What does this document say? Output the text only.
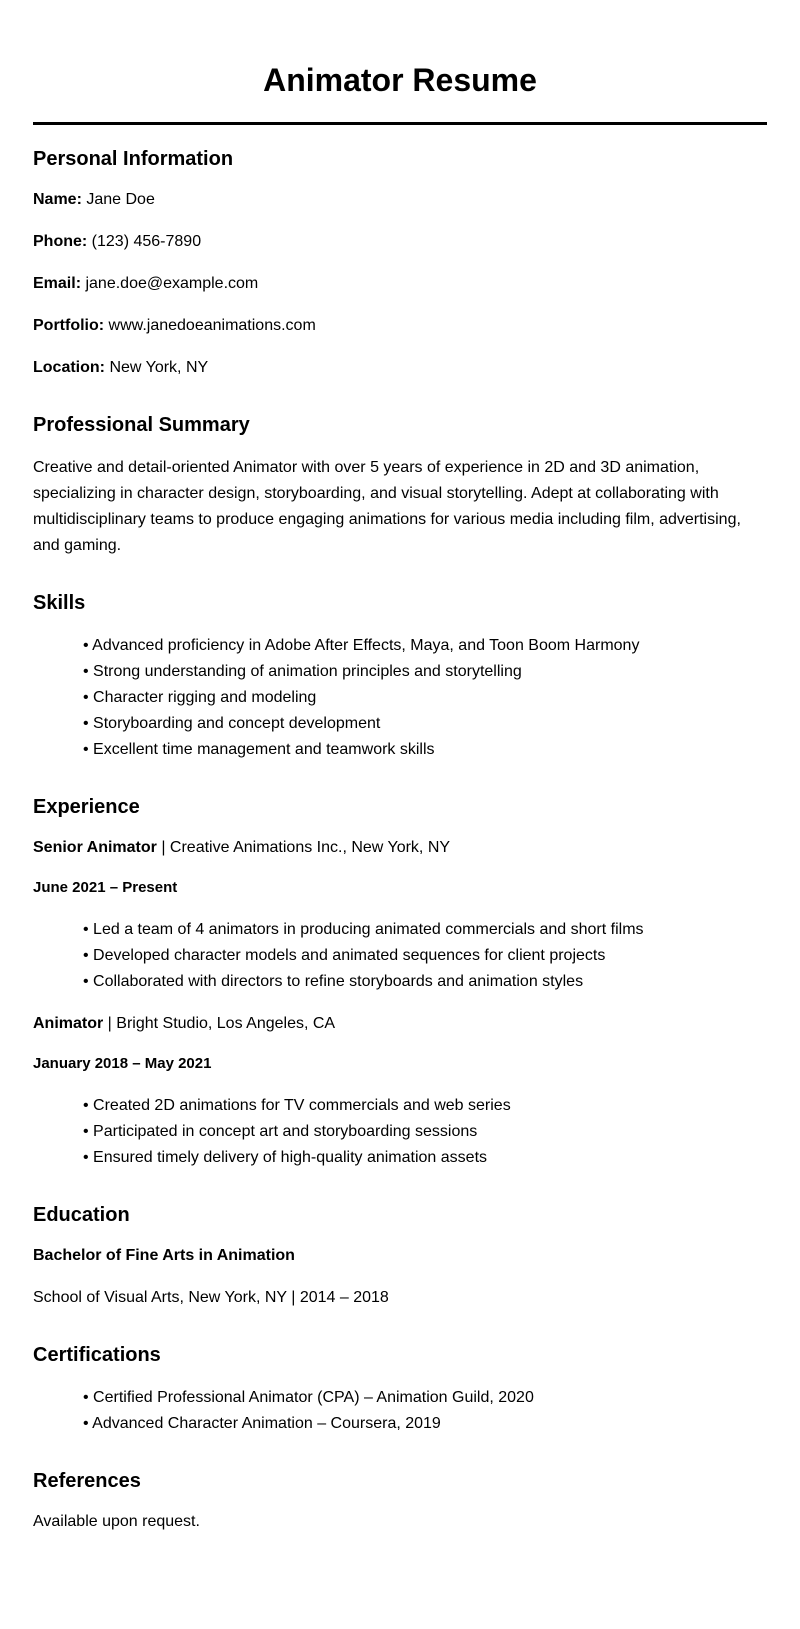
Animator Resume
Personal Information

Name: Jane Doe

Phone: (123) 456-7890

Email: jane.doe@example.com

Portfolio: www.janedoeanimations.com

Location: New York, NY

Professional Summary

Creative and detail-oriented Animator with over 5 years of experience in 2D and 3D animation, specializing in character design, storyboarding, and visual storytelling. Adept at collaborating with multidisciplinary teams to produce engaging animations for various media including film, advertising, and gaming.

Skills
• Advanced proficiency in Adobe After Effects, Maya, and Toon Boom Harmony
• Strong understanding of animation principles and storytelling
• Character rigging and modeling
• Storyboarding and concept development
• Excellent time management and teamwork skills
Experience

Senior Animator | Creative Animations Inc., New York, NY

June 2021 – Present

• Led a team of 4 animators in producing animated commercials and short films
• Developed character models and animated sequences for client projects
• Collaborated with directors to refine storyboards and animation styles

Animator | Bright Studio, Los Angeles, CA

January 2018 – May 2021

• Created 2D animations for TV commercials and web series
• Participated in concept art and storyboarding sessions
• Ensured timely delivery of high-quality animation assets
Education

Bachelor of Fine Arts in Animation

School of Visual Arts, New York, NY | 2014 – 2018

Certifications
• Certified Professional Animator (CPA) – Animation Guild, 2020
• Advanced Character Animation – Coursera, 2019
References

Available upon request.
